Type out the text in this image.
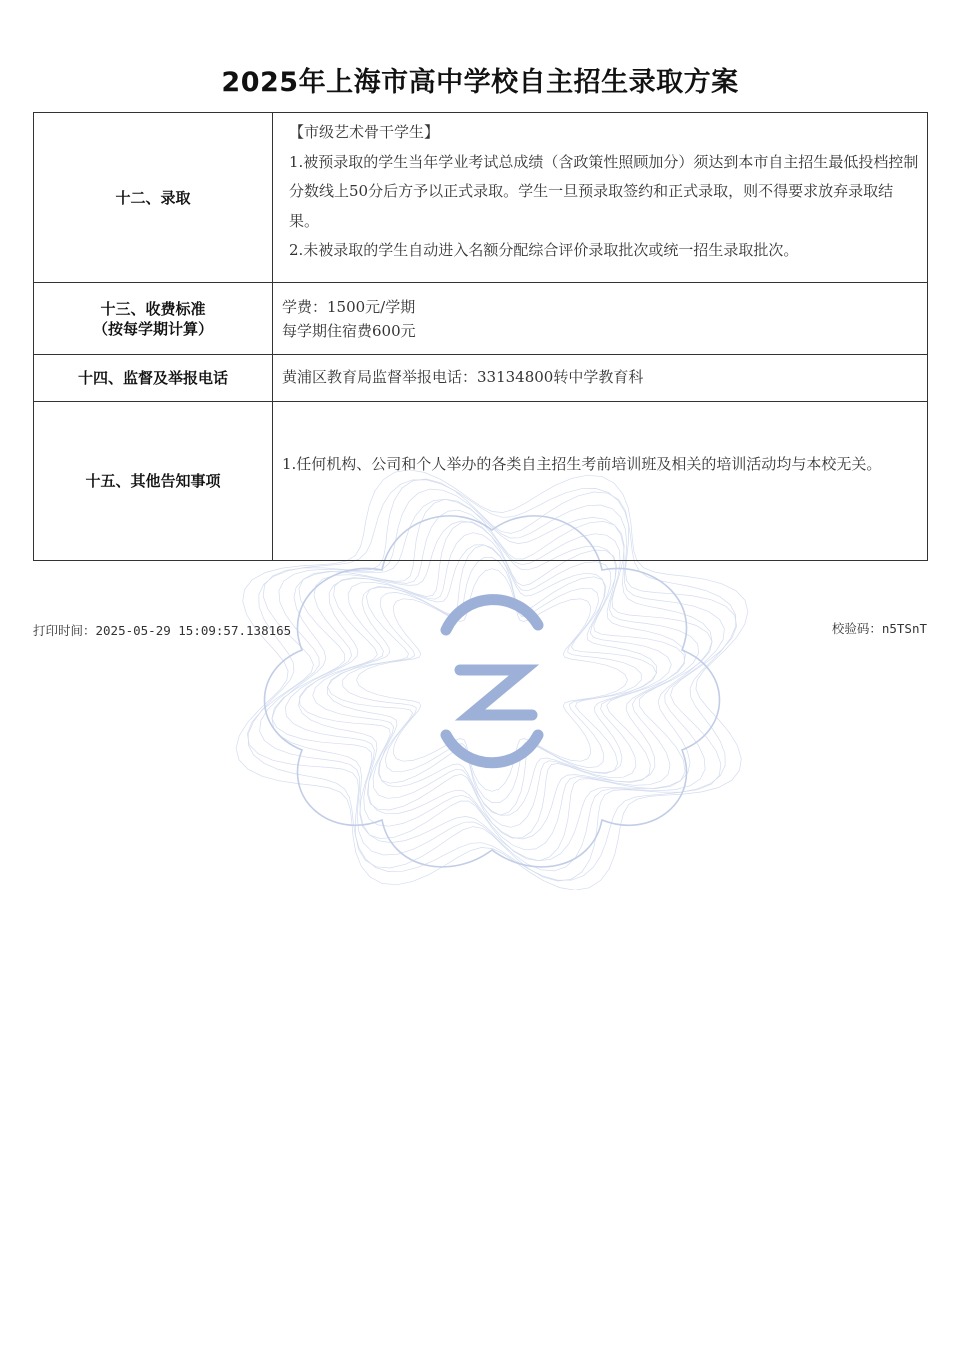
2025年上海市高中学校自主招生录取方案
十二、录取	【市级艺术骨干学生】
1.被预录取的学生当年学业考试总成绩（含政策性照顾加分）须达到本市自主招生最低投档控制分数线上50分后方予以正式录取。学生一旦预录取签约和正式录取，则不得要求放弃录取结果。
2.未被录取的学生自动进入名额分配综合评价录取批次或统一招生录取批次。

十三、收费标准
（按每学期计算）	学费：1500元/学期
每学期住宿费600元

十四、监督及举报电话	黄浦区教育局监督举报电话：33134800转中学教育科

十五、其他告知事项	1.任何机构、公司和个人举办的各类自主招生考前培训班及相关的培训活动均与本校无关。
打印时间：2025-05-29 15:09:57.138165	校验码：n5TSnT
